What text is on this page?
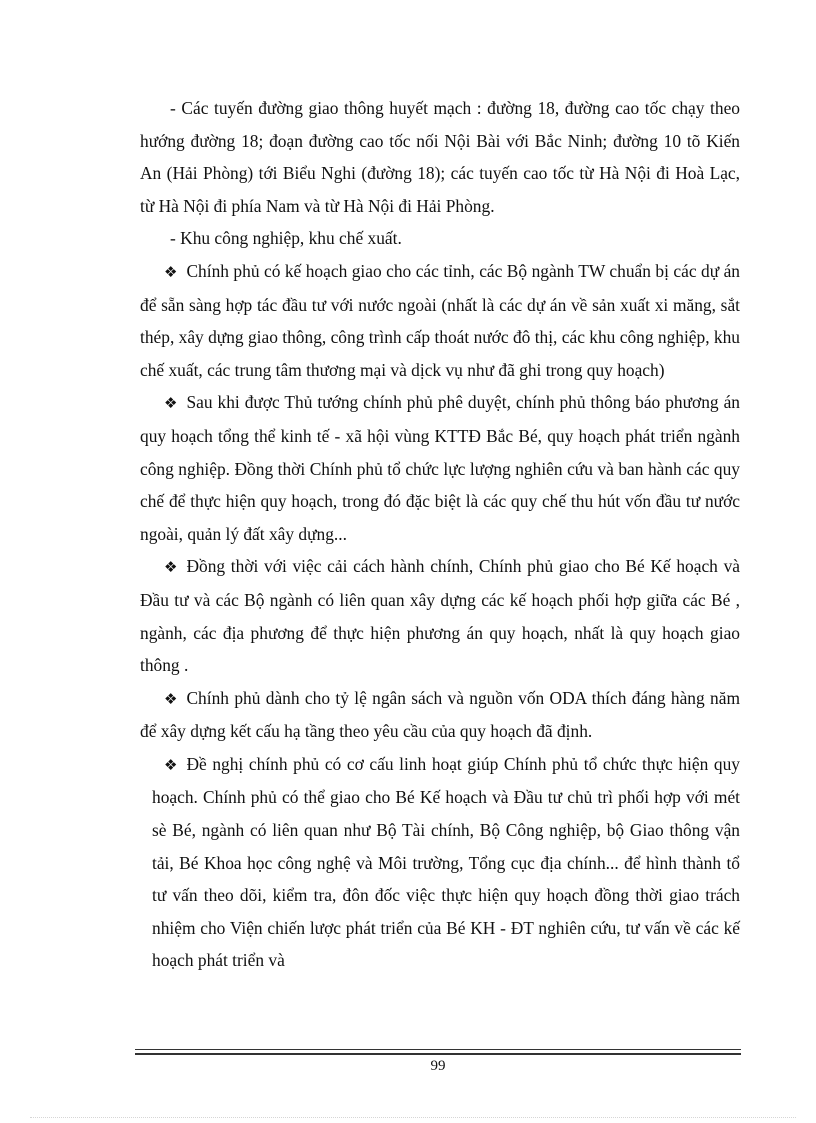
- Các tuyến đường giao thông huyết mạch : đường 18, đường cao tốc chạy theo hướng đường 18; đoạn đường cao tốc nối Nội Bài với Bắc Ninh; đường 10 tõ Kiến An (Hải Phòng) tới Biểu Nghi (đường 18); các tuyến cao tốc từ Hà Nội đi Hoà Lạc, từ Hà Nội đi phía Nam và từ Hà Nội đi Hải Phòng.

- Khu công nghiệp, khu chế xuất.

❖ Chính phủ có kế hoạch giao cho các tỉnh, các Bộ ngành TW chuẩn bị các dự án để sẵn sàng hợp tác đầu tư với nước ngoài (nhất là các dự án về sản xuất xi măng, sắt thép, xây dựng giao thông, công trình cấp thoát nước đô thị, các khu công nghiệp, khu chế xuất, các trung tâm thương mại và dịck vụ như đã ghi trong quy hoạch)

❖ Sau khi được Thủ tướng chính phủ phê duyệt, chính phủ thông báo phương án quy hoạch tổng thể kinh tế - xã hội vùng KTTĐ Bắc Bé, quy hoạch phát triển ngành công nghiệp. Đồng thời Chính phủ tổ chức lực lượng nghiên cứu và ban hành các quy chế để thực hiện quy hoạch, trong đó đặc biệt là các quy chế thu hút vốn đầu tư nước ngoài, quản lý đất xây dựng...

❖ Đồng thời với việc cải cách hành chính, Chính phủ giao cho Bé Kế hoạch và Đầu tư và các Bộ ngành có liên quan xây dựng các kế hoạch phối hợp giữa các Bé , ngành, các địa phương để thực hiện phương án quy hoạch, nhất là quy hoạch giao thông .

❖ Chính phủ dành cho tỷ lệ ngân sách và nguồn vốn ODA thích đáng hàng năm để xây dựng kết cấu hạ tầng theo yêu cầu của quy hoạch đã định.

❖ Đề nghị chính phủ có cơ cấu linh hoạt giúp Chính phủ tổ chức thực hiện quy hoạch. Chính phủ có thể giao cho Bé Kế hoạch và Đầu tư chủ trì phối hợp với mét sè Bé, ngành có liên quan như Bộ Tài chính, Bộ Công nghiệp, bộ Giao thông vận tải, Bé Khoa học công nghệ và Môi trường, Tổng cục địa chính... để hình thành tổ tư vấn theo dõi, kiểm tra, đôn đốc việc thực hiện quy hoạch đồng thời giao trách nhiệm cho Viện chiến lược phát triển của Bé KH - ĐT nghiên cứu, tư vấn về các kế hoạch phát triển và

99
